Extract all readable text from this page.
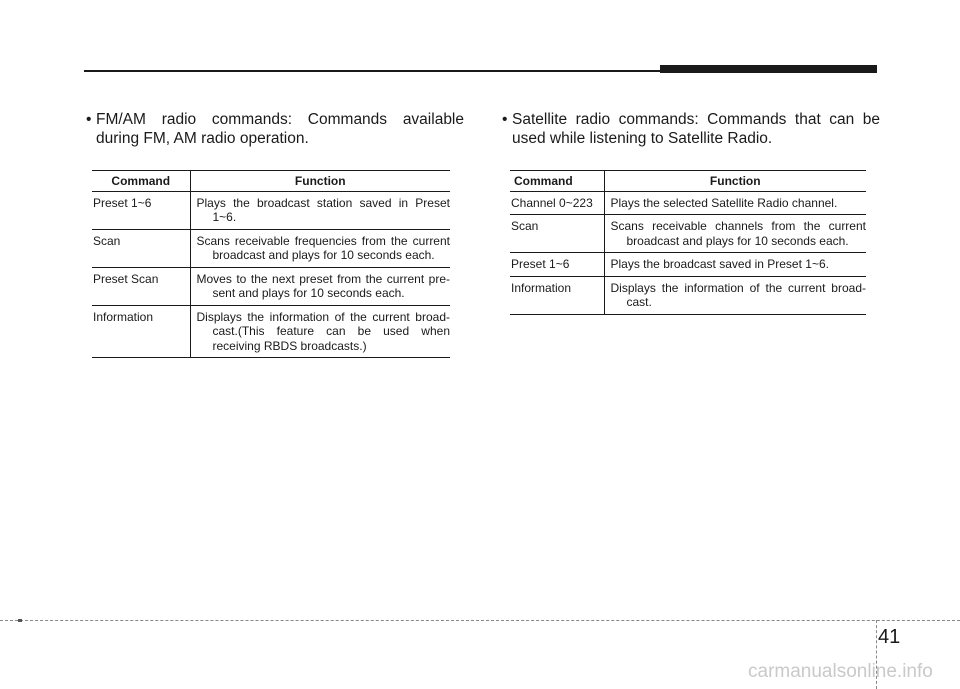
• FM/AM radio commands: Commands available during FM, AM radio operation.

Command	Function
Preset 1~6	Plays the broadcast station saved in Preset 1~6.

Scan	Scans receivable frequencies from the current broadcast and plays for 10 seconds each.

Preset Scan	Moves to the next preset from the current pre-sent and plays for 10 seconds each.

Information	Displays the information of the current broad-cast.(This feature can be used when receiving RBDS broadcasts.)

• Satellite radio commands: Commands that can be used while listening to Satellite Radio.

Command	Function
Channel 0~223	Plays the selected Satellite Radio channel.

Scan	Scans receivable channels from the current broadcast and plays for 10 seconds each.

Preset 1~6	Plays the broadcast saved in Preset 1~6.

Information	Displays the information of the current broad-cast.
41
carmanualsonline.info
